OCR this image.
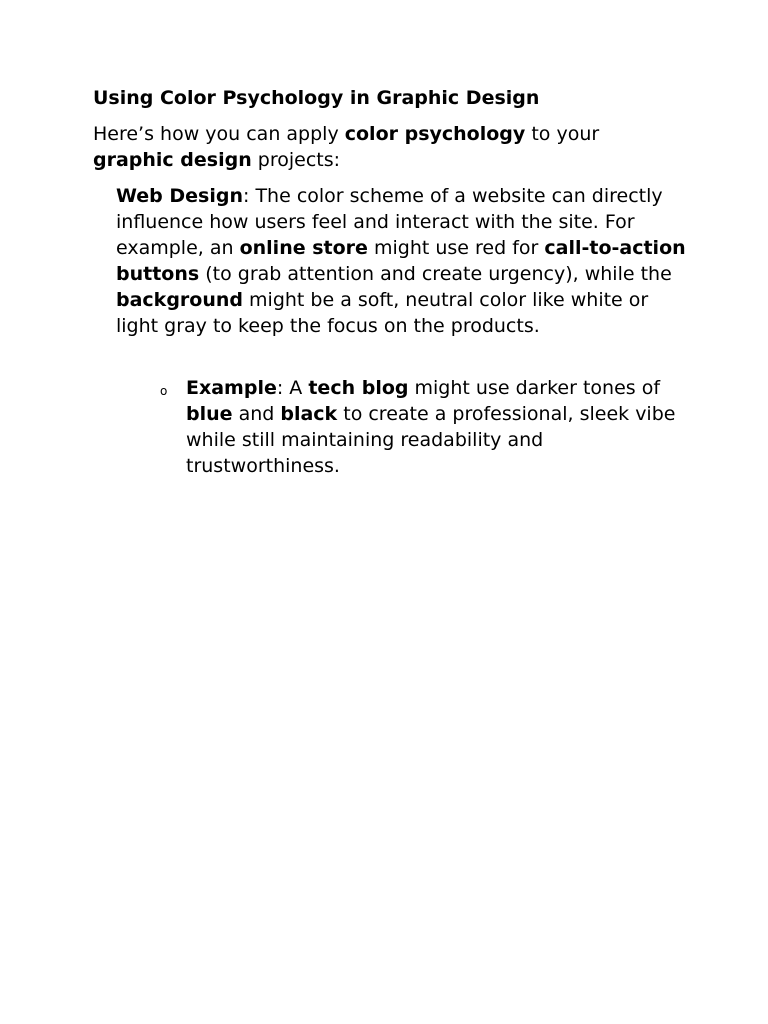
Using Color Psychology in Graphic Design

Here’s how you can apply color psychology to your graphic design projects:

Web Design: The color scheme of a website can directly influence how users feel and interact with the site. For example, an online store might use red for call-to-action buttons (to grab attention and create urgency), while the background might be a soft, neutral color like white or light gray to keep the focus on the products.

o Example: A tech blog might use darker tones of blue and black to create a professional, sleek vibe while still maintaining readability and trustworthiness.
